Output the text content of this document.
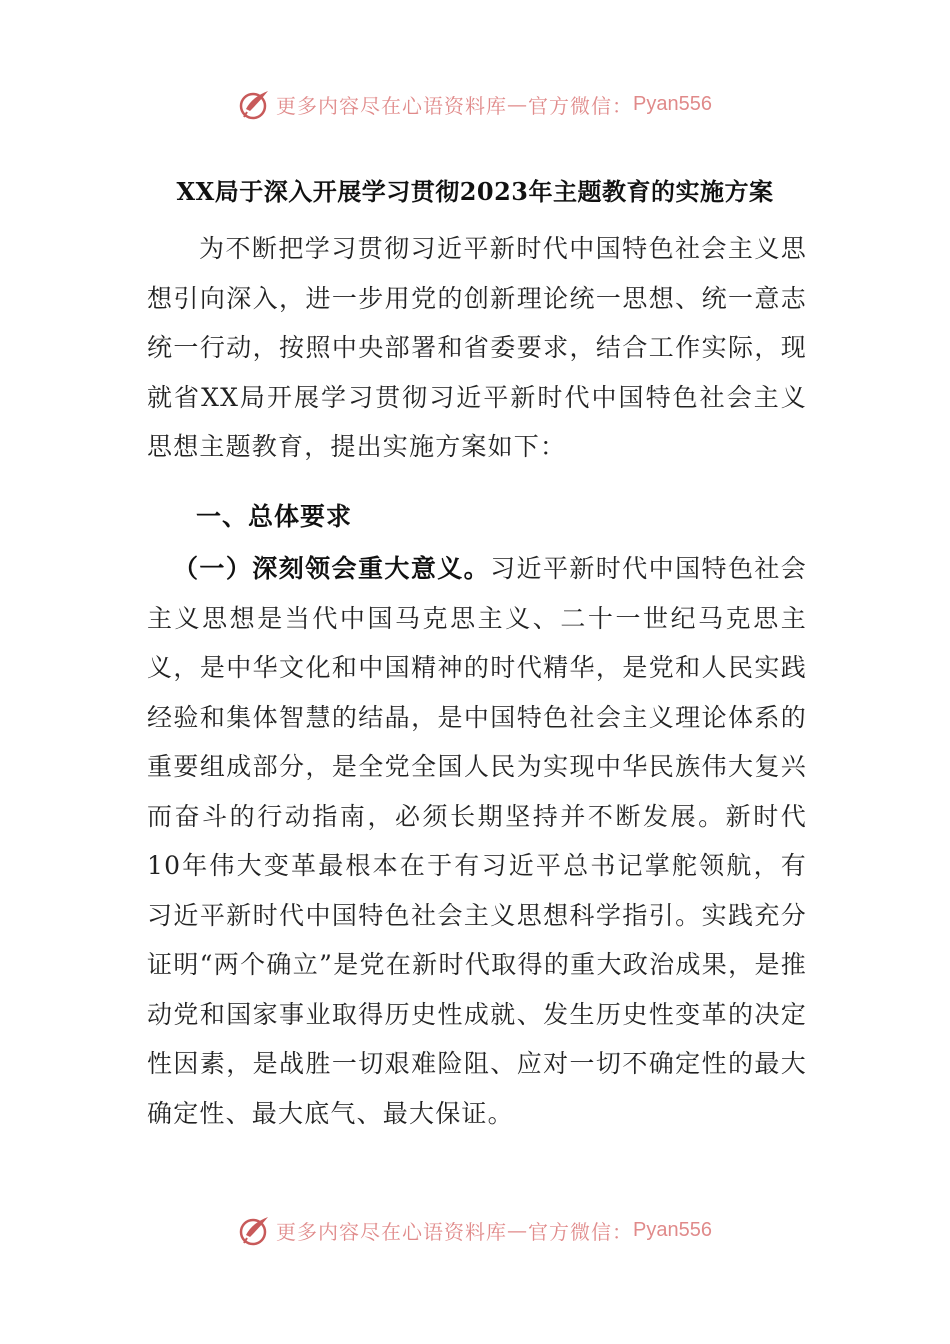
更多内容尽在心语资料库 — 官方微信： Pyan556
XX局于深入开展学习贯彻2023年主题教育的实施方案
为不断把学习贯彻习近平新时代中国特色社会主义思想引向深入，进一步用党的创新理论统一思想、统一意志统一行动，按照中央部署和省委要求，结合工作实际，现就省XX局开展学习贯彻习近平新时代中国特色社会主义思想主题教育，提出实施方案如下：
一、总体要求
（一）深刻领会重大意义。习近平新时代中国特色社会主义思想是当代中国马克思主义、二十一世纪马克思主义，是中华文化和中国精神的时代精华，是党和人民实践经验和集体智慧的结晶，是中国特色社会主义理论体系的重要组成部分，是全党全国人民为实现中华民族伟大复兴而奋斗的行动指南，必须长期坚持并不断发展。新时代10年伟大变革最根本在于有习近平总书记掌舵领航，有习近平新时代中国特色社会主义思想科学指引。实践充分证明“两个确立”是党在新时代取得的重大政治成果，是推动党和国家事业取得历史性成就、发生历史性变革的决定性因素，是战胜一切艰难险阻、应对一切不确定性的最大确定性、最大底气、最大保证。
更多内容尽在心语资料库 — 官方微信： Pyan556
